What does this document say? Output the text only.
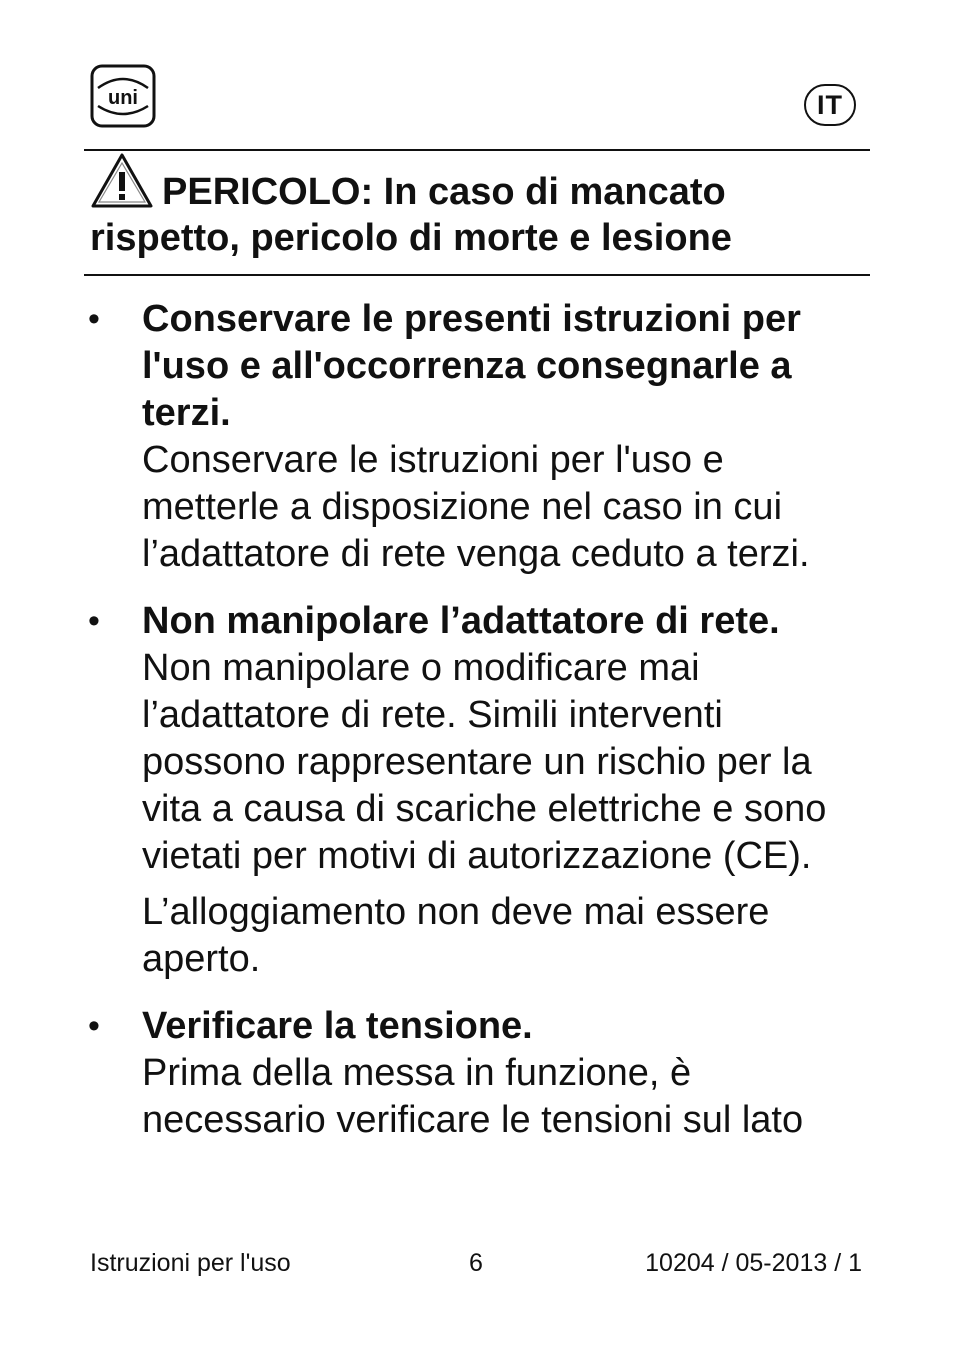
uni	IT
PERICOLO: In caso di mancato rispetto, pericolo di morte e lesione
• Conservare le presenti istruzioni per l'uso e all'occorrenza consegnarle a terzi.
Conservare le istruzioni per l'uso e metterle a disposizione nel caso in cui l’adattatore di rete venga ceduto a terzi.
• Non manipolare l’adattatore di rete.
Non manipolare o modificare mai l’adattatore di rete. Simili interventi possono rappresentare un rischio per la vita a causa di scariche elettriche e sono vietati per motivi di autorizzazione (CE).
L’alloggiamento non deve mai essere aperto.
• Verificare la tensione.
Prima della messa in funzione, è necessario verificare le tensioni sul lato
Istruzioni per l'uso	6	10204 / 05-2013 / 1
